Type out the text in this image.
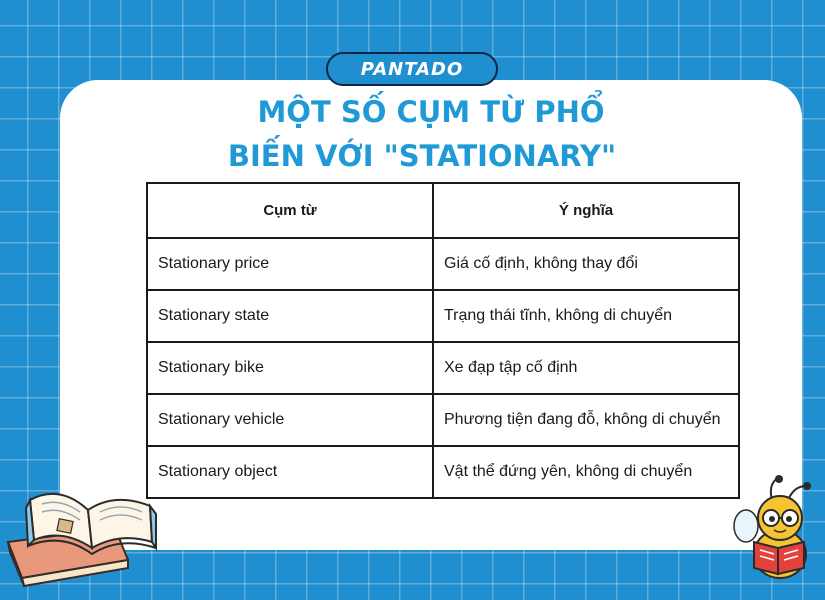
PANTADO
MỘT SỐ CỤM TỪ PHỔ
BIẾN VỚI "STATIONARY"
Cụm từ	Ý nghĩa
Stationary price	Giá cố định, không thay đổi
Stationary state	Trạng thái tĩnh, không di chuyển
Stationary bike	Xe đạp tập cố định
Stationary vehicle	Phương tiện đang đỗ, không di chuyển
Stationary object	Vật thể đứng yên, không di chuyển
